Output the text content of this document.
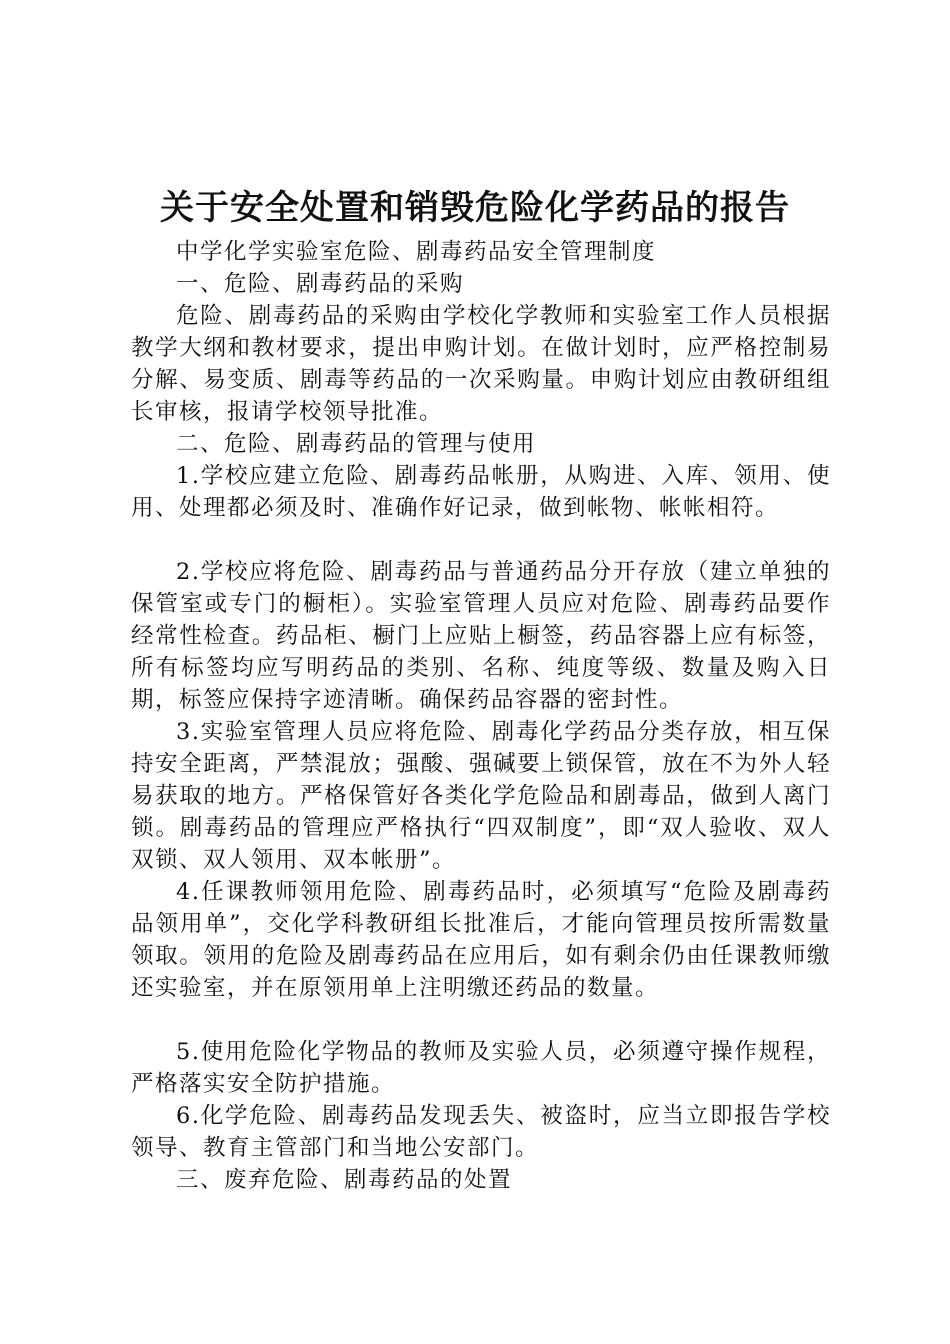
关于安全处置和销毁危险化学药品的报告

中学化学实验室危险、剧毒药品安全管理制度

一、危险、剧毒药品的采购

危险、剧毒药品的采购由学校化学教师和实验室工作人员根据教学大纲和教材要求，提出申购计划。在做计划时，应严格控制易分解、易变质、剧毒等药品的一次采购量。申购计划应由教研组组长审核，报请学校领导批准。

二、危险、剧毒药品的管理与使用

1.学校应建立危险、剧毒药品帐册，从购进、入库、领用、使用、处理都必须及时、准确作好记录，做到帐物、帐帐相符。

2.学校应将危险、剧毒药品与普通药品分开存放（建立单独的保管室或专门的橱柜）。实验室管理人员应对危险、剧毒药品要作经常性检查。药品柜、橱门上应贴上橱签，药品容器上应有标签，所有标签均应写明药品的类别、名称、纯度等级、数量及购入日期，标签应保持字迹清晰。确保药品容器的密封性。

3.实验室管理人员应将危险、剧毒化学药品分类存放，相互保持安全距离，严禁混放；强酸、强碱要上锁保管，放在不为外人轻易获取的地方。严格保管好各类化学危险品和剧毒品，做到人离门锁。剧毒药品的管理应严格执行“四双制度”，即“双人验收、双人双锁、双人领用、双本帐册”。

4.任课教师领用危险、剧毒药品时，必须填写“危险及剧毒药品领用单”，交化学科教研组长批准后，才能向管理员按所需数量领取。领用的危险及剧毒药品在应用后，如有剩余仍由任课教师缴还实验室，并在原领用单上注明缴还药品的数量。

5.使用危险化学物品的教师及实验人员，必须遵守操作规程，严格落实安全防护措施。

6.化学危险、剧毒药品发现丢失、被盗时，应当立即报告学校领导、教育主管部门和当地公安部门。

三、废弃危险、剧毒药品的处置
